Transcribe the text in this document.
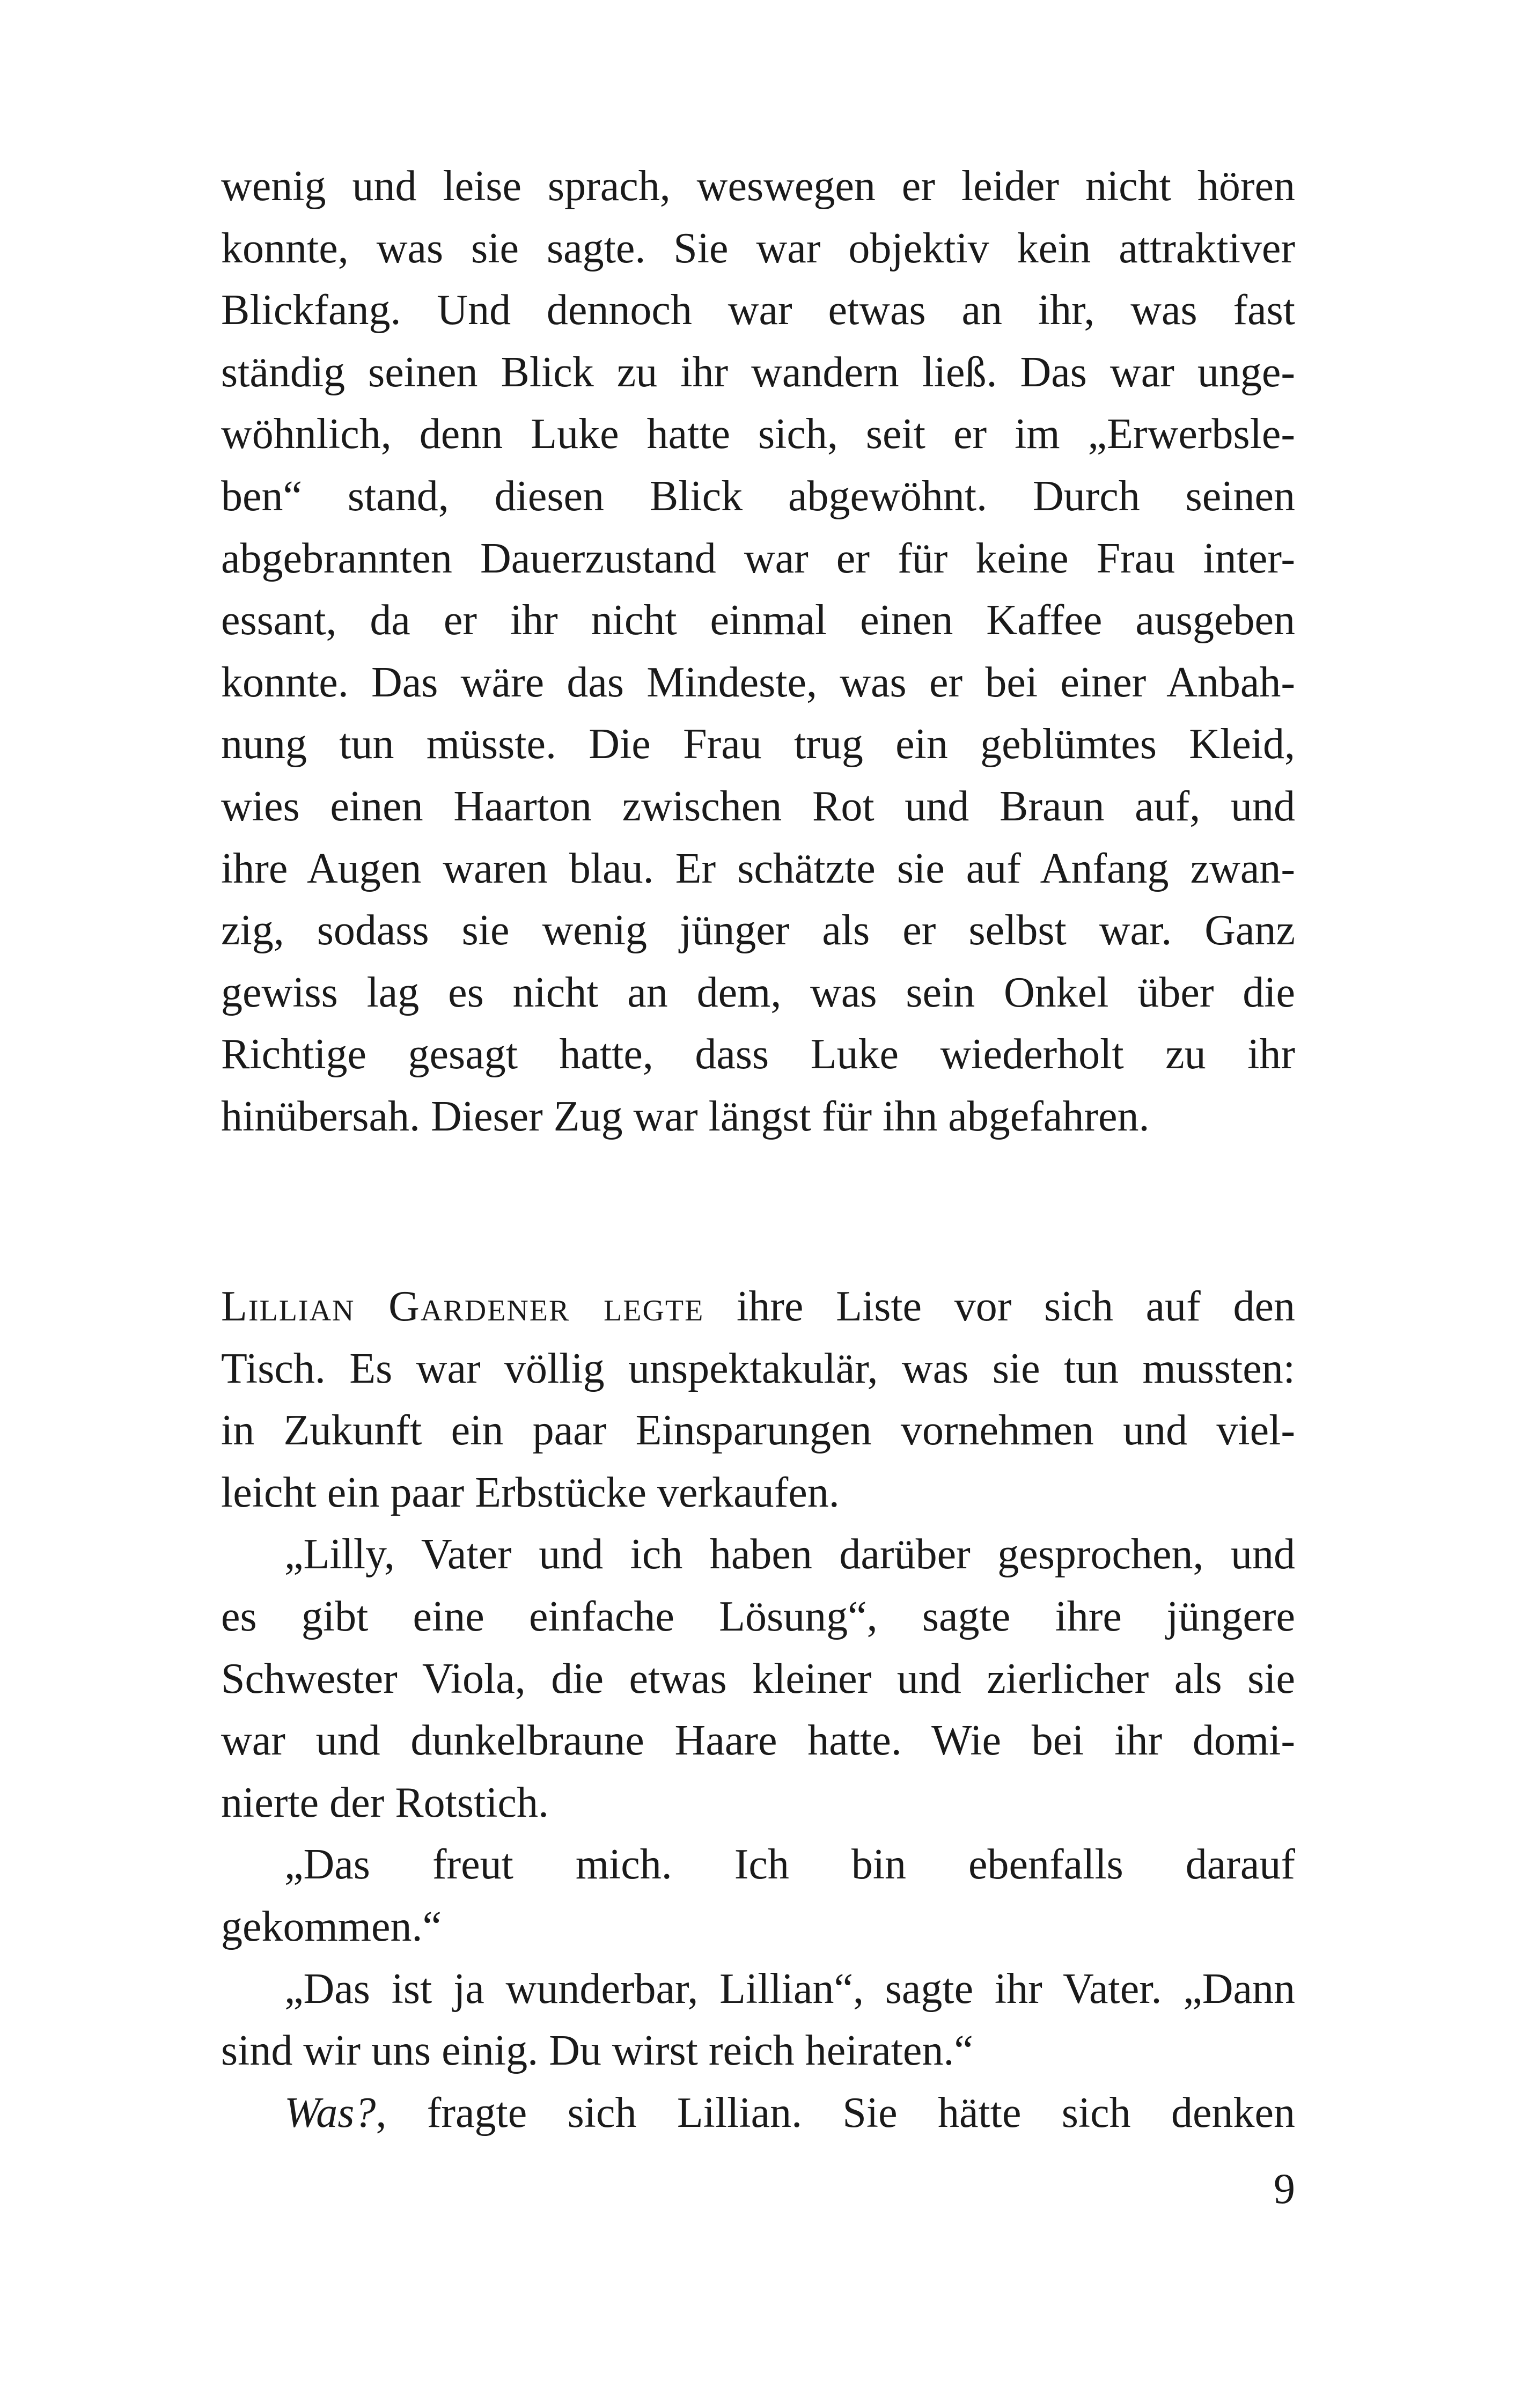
wenig und leise sprach, weswegen er leider nicht hören
konnte, was sie sagte. Sie war objektiv kein attraktiver
Blickfang. Und dennoch war etwas an ihr, was fast
ständig seinen Blick zu ihr wandern ließ. Das war unge-
wöhnlich, denn Luke hatte sich, seit er im „Erwerbsle-
ben“ stand, diesen Blick abgewöhnt. Durch seinen
abgebrannten Dauerzustand war er für keine Frau inter-
essant, da er ihr nicht einmal einen Kaffee ausgeben
konnte. Das wäre das Mindeste, was er bei einer Anbah-
nung tun müsste. Die Frau trug ein geblümtes Kleid,
wies einen Haarton zwischen Rot und Braun auf, und
ihre Augen waren blau. Er schätzte sie auf Anfang zwan-
zig, sodass sie wenig jünger als er selbst war. Ganz
gewiss lag es nicht an dem, was sein Onkel über die
Richtige gesagt hatte, dass Luke wiederholt zu ihr
hinübersah. Dieser Zug war längst für ihn abgefahren.
Lillian Gardener legte ihre Liste vor sich auf den
Tisch. Es war völlig unspektakulär, was sie tun mussten:
in Zukunft ein paar Einsparungen vornehmen und viel-
leicht ein paar Erbstücke verkaufen.
„Lilly, Vater und ich haben darüber gesprochen, und
es gibt eine einfache Lösung“, sagte ihre jüngere
Schwester Viola, die etwas kleiner und zierlicher als sie
war und dunkelbraune Haare hatte. Wie bei ihr domi-
nierte der Rotstich.
„Das freut mich. Ich bin ebenfalls darauf
gekommen.“
„Das ist ja wunderbar, Lillian“, sagte ihr Vater. „Dann
sind wir uns einig. Du wirst reich heiraten.“
Was?, fragte sich Lillian. Sie hätte sich denken
9
